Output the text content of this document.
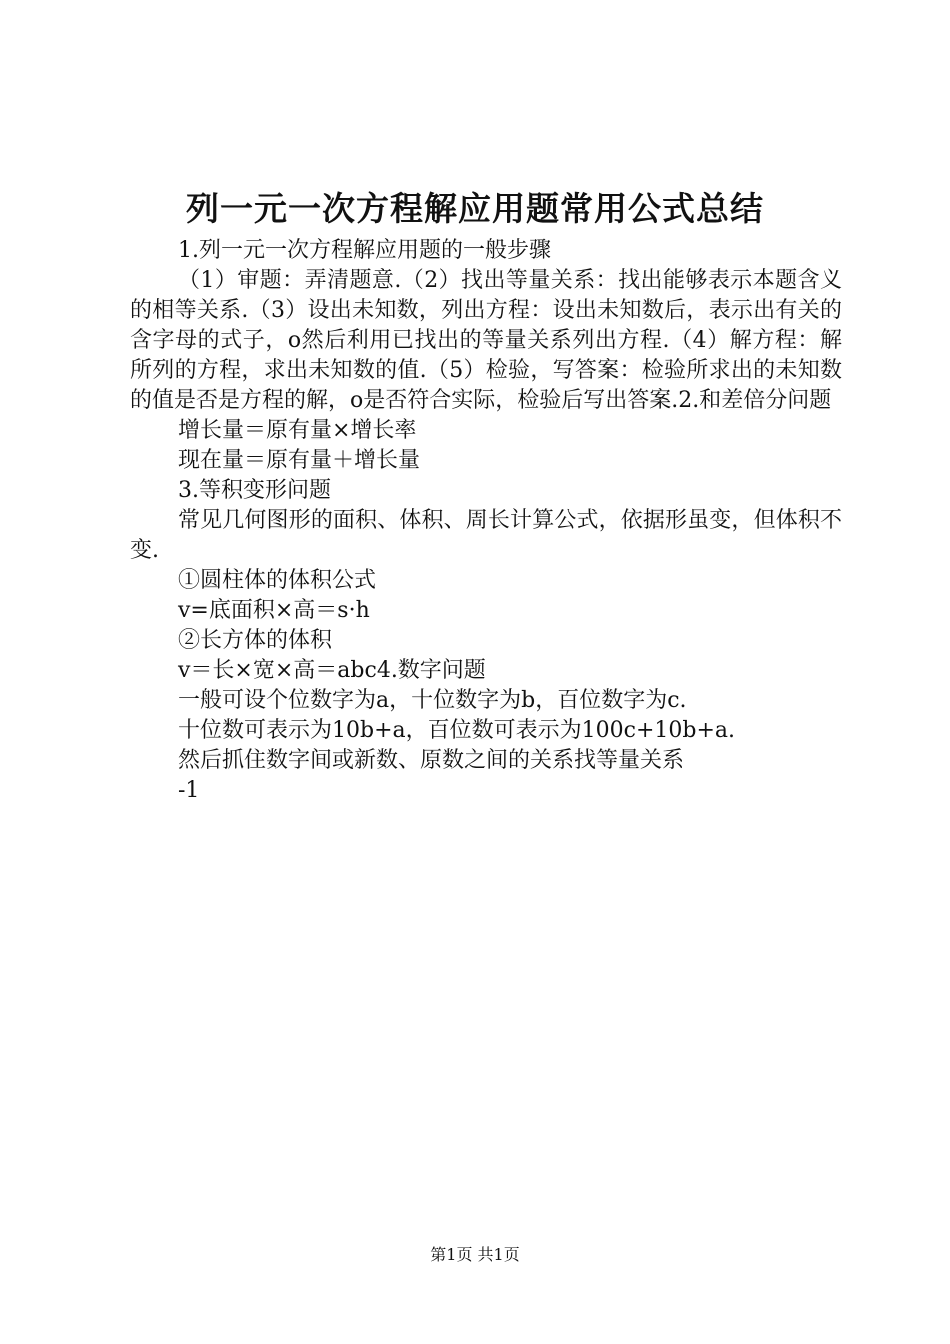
列一元一次方程解应用题常用公式总结

1.列一元一次方程解应用题的一般步骤

（1）审题：弄清题意.（2）找出等量关系：找出能够表示本题含义的相等关系.（3）设出未知数，列出方程：设出未知数后，表示出有关的含字母的式子，o然后利用已找出的等量关系列出方程.（4）解方程：解所列的方程，求出未知数的值.（5）检验，写答案：检验所求出的未知数的值是否是方程的解，o是否符合实际，检验后写出答案.2.和差倍分问题

增长量＝原有量×增长率

现在量＝原有量＋增长量

3.等积变形问题

常见几何图形的面积、体积、周长计算公式，依据形虽变，但体积不变.

①圆柱体的体积公式

v=底面积×高＝s·h

②长方体的体积

v＝长×宽×高＝abc4.数字问题

一般可设个位数字为a，十位数字为b，百位数字为c.

十位数可表示为10b+a，百位数可表示为100c+10b+a.

然后抓住数字间或新数、原数之间的关系找等量关系

-1

第1页 共1页
